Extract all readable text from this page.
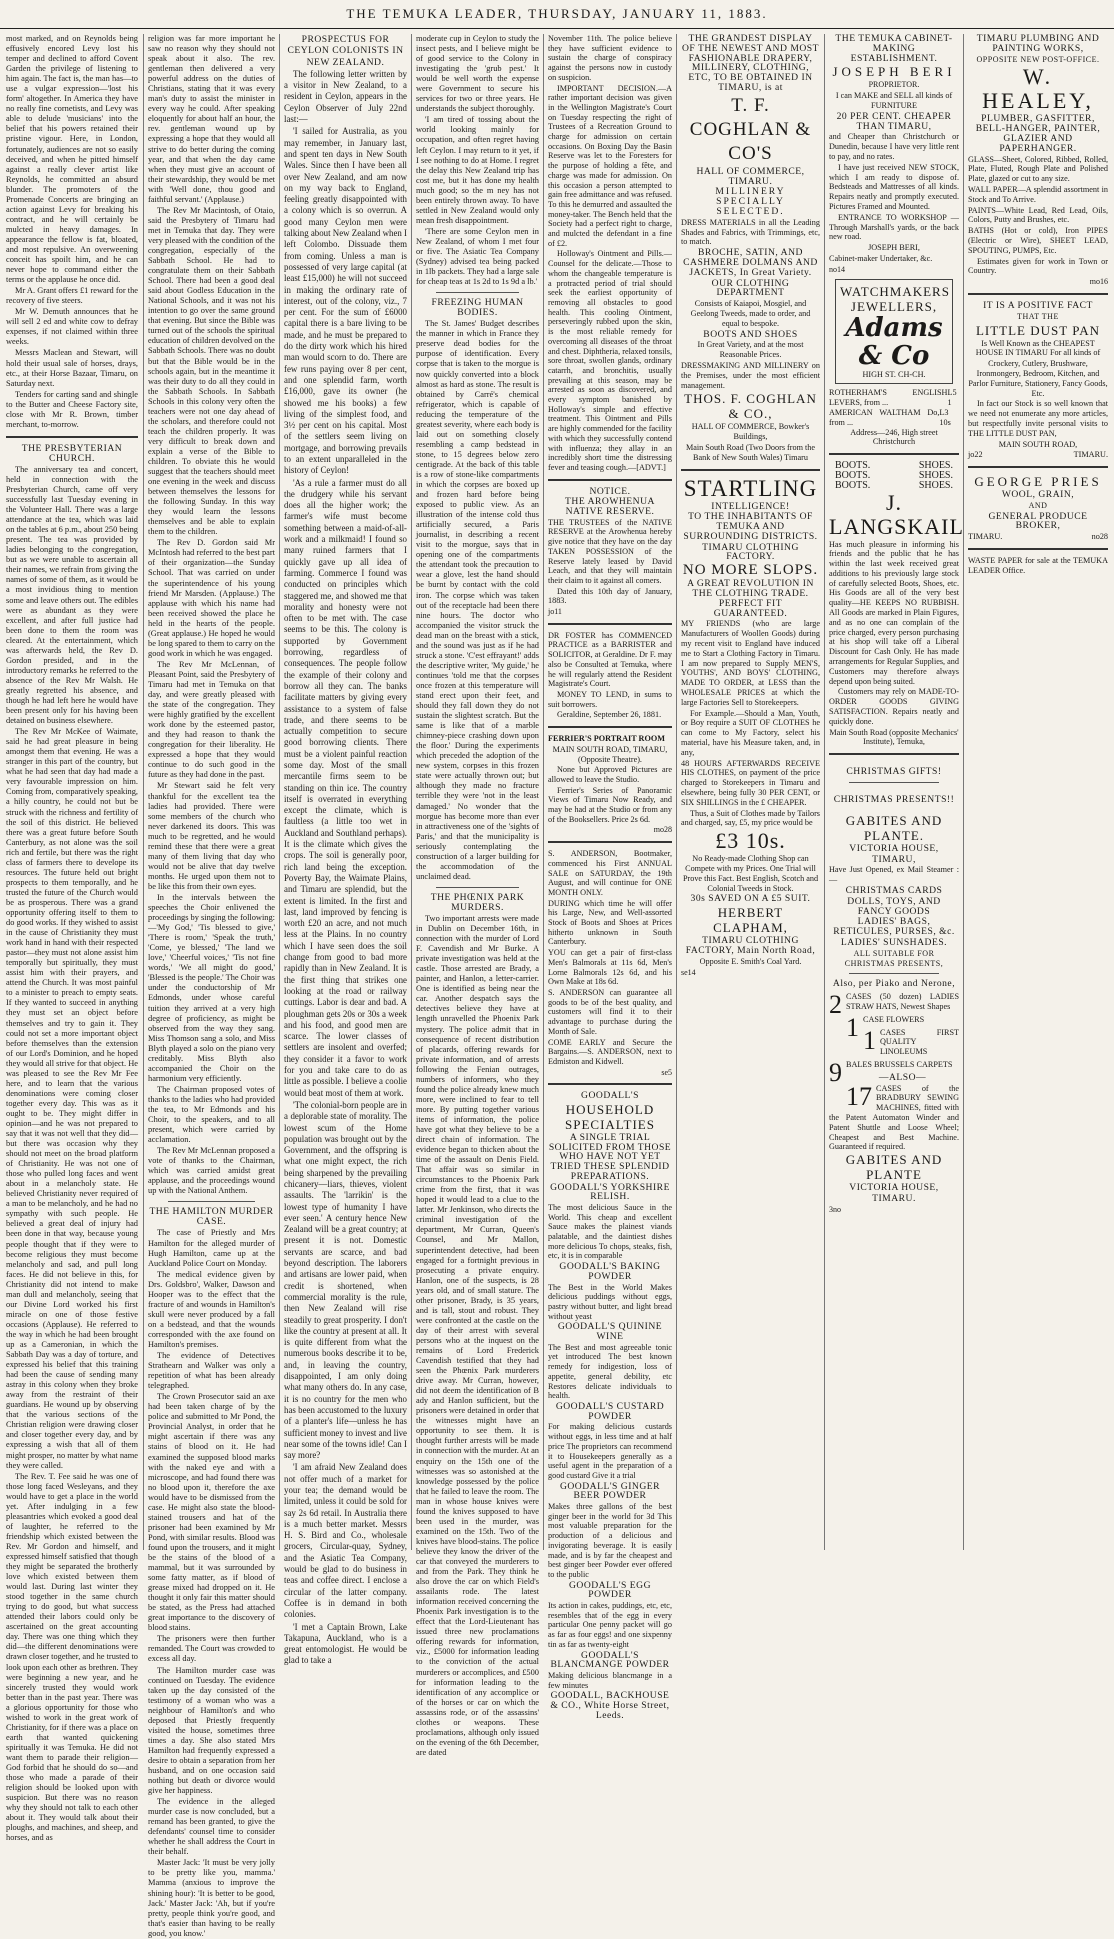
THE TEMUKA LEADER, THURSDAY, JANUARY 11, 1883.

most marked, and on Reynolds being effusively encored Levy lost his temper and declined to afford Covent Garden the privilege of listening to him again. The fact is, the man has—to use a vulgar expression—'lost his form' altogether. In America they have no really fine cornetists, and Levy was able to delude 'musicians' into the belief that his powers retained their pristine vigour. Here, in London, fortunately, audiences are not so easily deceived, and when he pitted himself against a really clever artist like Reynolds, he committed an absurd blunder. The promoters of the Promenade Concerts are bringing an action against Levy for breaking his contract, and he will certainly be mulcted in heavy damages. In appearance the fellow is fat, bloated, and most repulsive. An overweening conceit has spoilt him, and he can never hope to command either the terms or the applause he once did.

Mr A. Grant offers £1 reward for the recovery of five steers.

Mr W. Demuth announces that he will sell 2 ed and white cow to defray expenses, if not claimed within three weeks.

Messrs Maclean and Stewart, will hold their usual sale of horses, drays, etc., at their Horse Bazaar, Timaru, on Saturday next.

Tenders for carting sand and shingle to the Butter and Cheese Factory site, close with Mr R. Brown, timber merchant, to-morrow.

THE PRESBYTERIAN CHURCH.

The anniversary tea and concert, held in connection with the Presbyterian Church, came off very successfully last Tuesday evening in the Volunteer Hall. There was a large attendance at the tea, which was laid on the tables at 6 p.m., about 250 being present. The tea was provided by ladies belonging to the congregation, but as we were unable to ascertain all their names, we refrain from giving the names of some of them, as it would be a most invidious thing to mention some and leave others out. The edibles were as abundant as they were excellent, and after full justice had been done to them the room was cleared. At the entertainment, which was afterwards held, the Rev D. Gordon presided, and in the introductory remarks he referred to the absence of the Rev Mr Walsh. He greatly regretted his absence, and though he had left here he would have been present only for his having been detained on business elsewhere.

The Rev Mr McKee of Waimate, said he had great pleasure in being amongst them that evening. He was a stranger in this part of the country, but what he had seen that day had made a very favourable impression on him. Coming from, comparatively speaking, a hilly country, he could not but be struck with the richness and fertility of the soil of this district. He believed there was a great future before South Canterbury, as not alone was the soil rich and fertile, but there was the right class of farmers there to develope its resources. The future held out bright prospects to them temporally, and he trusted the future of the Church would be as prosperous. There was a grand opportunity offering itself to them to do good works. If they wished to assist in the cause of Christianity they must work hand in hand with their respected pastor—they must not alone assist him temporally but spiritually, they must assist him with their prayers, and attend the Church. It was most painful to a minister to preach to empty seats. If they wanted to succeed in anything they must set an object before themselves and try to gain it. They could not set a more important object before themselves than the extension of our Lord's Dominion, and he hoped they would all strive for that object. He was pleased to see the Rev Mr Fee here, and to learn that the various denominations were coming closer together every day. This was as it ought to be. They might differ in opinion—and he was not prepared to say that it was not well that they did—but there was occasion why they should not meet on the broad platform of Christianity. He was not one of those who pulled long faces and went about in a melancholy state. He believed Christianity never required of a man to be melancholy, and he had no sympathy with such people. He believed a great deal of injury had been done in that way, because young people thought that if they were to become religious they must become melancholy and sad, and pull long faces. He did not believe in this, for Christianity did not intend to make man dull and melancholy, seeing that our Divine Lord worked his first miracle on one of those festive occasions (Applause). He referred to the way in which he had been brought up as a Cameronian, in which the Sabbath Day was a day of torture, and expressed his belief that this training had been the cause of sending many astray in this colony when they broke away from the restraint of their guardians. He wound up by observing that the various sections of the Christian religion were drawing closer and closer together every day, and by expressing a wish that all of them might prosper, no matter by what name they were called.

The Rev. T. Fee said he was one of those long faced Wesleyans, and they would have to get a place in the world yet. After indulging in a few pleasantries which evoked a good deal of laughter, he referred to the friendship which existed between the Rev. Mr Gordon and himself, and expressed himself satisfied that though they might be separated the brotherly love which existed between them would last. During last winter they stood together in the same church trying to do good, but what success attended their labors could only be ascertained on the great accounting day. There was one thing which they did—the different denominations were drawn closer together, and he trusted to look upon each other as brethren. They were beginning a new year, and he sincerely trusted they would work better than in the past year. There was a glorious opportunity for those who wished to work in the great work of Christianity, for if there was a place on earth that wanted quickening spiritually it was Temuka. He did not want them to parade their religion—God forbid that he should do so—and those who made a parade of their religion should be looked upon with suspicion. But there was no reason why they should not talk to each other about it. They would talk about their ploughs, and machines, and sheep, and horses, and as

religion was far more important he saw no reason why they should not speak about it also. The rev. gentleman then delivered a very powerful address on the duties of Christians, stating that it was every man's duty to assist the minister in every way he could. After speaking eloquently for about half an hour, the rev. gentleman wound up by expressing a hope that they would all strive to do better during the coming year, and that when the day came when they must give an account of their stewardship, they would be met with 'Well done, thou good and faithful servant.' (Applause.)

The Rev Mr Macintosh, of Otaio, said the Presbytery of Timaru had met in Temuka that day. They were very pleased with the condition of the congregation, especially of the Sabbath School. He had to congratulate them on their Sabbath School. There had been a good deal said about Godless Education in the National Schools, and it was not his intention to go over the same ground that evening. But since the Bible was turned out of the schools the spiritual education of children devolved on the Sabbath Schools. There was no doubt but that the Bible would be in the schools again, but in the meantime it was their duty to do all they could in the Sabbath Schools. In Sabbath Schools in this colony very often the teachers were not one day ahead of the scholars, and therefore could not teach the children properly. It was very difficult to break down and explain a verse of the Bible to children. To obviate this he would suggest that the teachers should meet one evening in the week and discuss between themselves the lessons for the following Sunday. In this way they would learn the lessons themselves and be able to explain them to the children.

The Rev D. Gordon said Mr McIntosh had referred to the best part of their organization—the Sunday School. That was carried on under the superintendence of his young friend Mr Marsden. (Applause.) The applause with which his name had been received showed the place he held in the hearts of the people. (Great applause.) He hoped he would be long spared to them to carry on the good work in which he was engaged.

The Rev Mr McLennan, of Pleasant Point, said the Presbytery of Timaru had met in Temuka on that day, and were greatly pleased with the state of the congregation. They were highly gratified by the excellent work done by the esteemed pastor, and they had reason to thank the congregation for their liberality. He expressed a hope that they would continue to do such good in the future as they had done in the past.

Mr Stewart said he felt very thankful for the excellent tea the ladies had provided. There were some members of the church who never darkened its doors. This was much to be regretted, and he would remind these that there were a great many of them living that day who would not be alive that day twelve months. He urged upon them not to be like this from their own eyes.

In the intervals between the speeches the Choir enlivened the proceedings by singing the following:—'My God,' 'Tis blessed to give,' 'There is room,' 'Speak the truth,' 'Come, ye blessed,' 'The land we love,' 'Cheerful voices,' 'Tis not fine words,' 'We all might do good,' 'Blessed is the people.' The Choir was under the conductorship of Mr Edmonds, under whose careful tuition they arrived at a very high degree of proficiency, as might be observed from the way they sang. Miss Thomson sang a solo, and Miss Blyth played a solo on the piano very creditably. Miss Blyth also accompanied the Choir on the harmonium very efficiently.

The Chairman proposed votes of thanks to the ladies who had provided the tea, to Mr Edmonds and his Choir, to the speakers, and to all present, which were carried by acclamation.

The Rev Mr McLennan proposed a vote of thanks to the Chairman, which was carried amidst great applause, and the proceedings wound up with the National Anthem.

THE HAMILTON MURDER CASE.

The case of Priestly and Mrs Hamilton for the alleged murder of Hugh Hamilton, came up at the Auckland Police Court on Monday.

The medical evidence given by Drs. Goldsbro', Walker, Dawson and Hooper was to the effect that the fracture of and wounds in Hamilton's skull were never produced by a fall on a bedstead, and that the wounds corresponded with the axe found on Hamilton's premises.

The evidence of Detectives Strathearn and Walker was only a repetition of what has been already telegraphed.

The Crown Prosecutor said an axe had been taken charge of by the police and submitted to Mr Pond, the Provincial Analyst, in order that he might ascertain if there was any stains of blood on it. He had examined the supposed blood marks with the naked eye and with a microscope, and had found there was no blood upon it, therefore the axe would have to be dismissed from the case. He might also state the blood-stained trousers and hat of the prisoner had been examined by Mr Pond, with similar results. Blood was found upon the trousers, and it might be the stains of the blood of a mammal, but it was surrounded by some fatty matter, as if blood of grease mixed had dropped on it. He thought it only fair this matter should be stated, as the Press had attached great importance to the discovery of blood stains.

The prisoners were then further remanded. The Court was crowded to excess all day.

The Hamilton murder case was continued on Tuesday. The evidence taken up the day consisted of the testimony of a woman who was a neighbour of Hamilton's and who deposed that Priestly frequently visited the house, sometimes three times a day. She also stated Mrs Hamilton had frequently expressed a desire to obtain a separation from her husband, and on one occasion said nothing but death or divorce would give her happiness.

The evidence in the alleged murder case is now concluded, but a remand has been granted, to give the defendants' counsel time to consider whether he shall address the Court in their behalf.

Master Jack: 'It must be very jolly to be pretty like you, mamma.' Mamma (anxious to improve the shining hour): 'It is better to be good, Jack.' Master Jack: 'Ah, but if you're pretty, people think you're good, and that's easier than having to be really good, you know.'

PROSPECTUS FOR CEYLON COLONISTS IN NEW ZEALAND.

The following letter written by a visitor in New Zealand, to a resident in Ceylon, appears in the Ceylon Observer of July 22nd last:—

'I sailed for Australia, as you may remember, in January last, and spent ten days in New South Wales. Since then I have been all over New Zealand, and am now on my way back to England, feeling greatly disappointed with a colony which is so overrun. A good many Ceylon men were talking about New Zealand when I left Colombo. Dissuade them from coming. Unless a man is possessed of very large capital (at least £15,000) he will not succeed in making the ordinary rate of interest, out of the colony, viz., 7 per cent. For the sum of £6000 capital there is a bare living to be made, and he must be prepared to do the dirty work which his hired man would scorn to do. There are few runs paying over 8 per cent, and one splendid farm, worth £16,000, gave its owner (he showed me his books) a few living of the simplest food, and 3½ per cent on his capital. Most of the settlers seem living on mortgage, and borrowing prevails to an extent unparalleled in the history of Ceylon!

'As a rule a farmer must do all the drudgery while his servant does all the higher work; the farmer's wife must become something between a maid-of-all-work and a milkmaid! I found so many ruined farmers that I quickly gave up all idea of farming. Commerce I found was conducted on principles which staggered me, and showed me that morality and honesty were not often to be met with. The case seems to be this. The colony is supported by Government borrowing, regardless of consequences. The people follow the example of their colony and borrow all they can. The banks facilitate matters by giving every assistance to a system of false trade, and there seems to be actually competition to secure good borrowing clients. There must be a violent painful reaction some day. Most of the small mercantile firms seem to be standing on thin ice. The country itself is overrated in everything except the climate, which is faultless (a little too wet in Auckland and Southland perhaps). It is the climate which gives the crops. The soil is generally poor, rich land being the exception. Poverty Bay, the Waimate Plains, and Timaru are splendid, but the extent is limited. In the first and last, land improved by fencing is worth £20 an acre, and not much less at the Plains. In no country which I have seen does the soil change from good to bad more rapidly than in New Zealand. It is the first thing that strikes one looking at the road or railway cuttings. Labor is dear and bad. A ploughman gets 20s or 30s a week and his food, and good men are scarce. The lower classes of settlers are insolent and overfed; they consider it a favor to work for you and take care to do as little as possible. I believe a coolie would beat most of them at work.

'The colonial-born people are in a deplorable state of morality. The lowest scum of the Home population was brought out by the Government, and the offspring is what one might expect, the rich being sharpened by the prevailing chicanery—liars, thieves, violent assaults. The 'larrikin' is the lowest type of humanity I have ever seen.' A century hence New Zealand will be a great country; at present it is not. Domestic servants are scarce, and bad beyond description. The laborers and artisans are lower paid, when credit is shortened, when commercial morality is the rule, then New Zealand will rise steadily to great prosperity. I don't like the country at present at all. It is quite different from what the numerous books describe it to be, and, in leaving the country, disappointed, I am only doing what many others do. In any case, it is no country for the men who has been accustomed to the luxury of a planter's life—unless he has sufficient money to invest and live near some of the towns idle! Can I say more?

'I am afraid New Zealand does not offer much of a market for your tea; the demand would be limited, unless it could be sold for say 2s 6d retail. In Australia there is a much better market. Messrs H. S. Bird and Co., wholesale grocers, Circular-quay, Sydney, and the Asiatic Tea Company, would be glad to do business in teas and coffee direct. I enclose a circular of the latter company. Coffee is in demand in both colonies.

'I met a Captain Brown, Lake Takapuna, Auckland, who is a great entomologist. He would be glad to take a

moderate cup in Ceylon to study the insect pests, and I believe might be of good service to the Colony in investigating the 'grub pest.' It would be well worth the expense were Government to secure his services for two or three years. He understands the subject thoroughly.

'I am tired of tossing about the world looking mainly for occupation, and often regret having left Ceylon. I may return to it yet, if I see nothing to do at Home. I regret the delay this New Zealand trip has cost me, but it has done my health much good; so the m ney has not been entirely thrown away. To have settled in New Zealand would only mean fresh disappointment.

'There are some Ceylon men in New Zealand, of whom I met four or five. The Asiatic Tea Company (Sydney) advised tea being packed in 1lb packets. They had a large sale for cheap teas at 1s 2d to 1s 9d a lb.'

FREEZING HUMAN BODIES.

The St. James' Budget describes the manner in which in France they preserve dead bodies for the purpose of identification. Every corpse that is taken to the morgue is now quickly converted into a block almost as hard as stone. The result is obtained by Carré's chemical refrigerator, which is capable of reducing the temperature of the greatest severity, where each body is laid out on something closely resembling a camp bedstead in stone, to 15 degrees below zero centigrade. At the back of this table is a row of stone-like compartments in which the corpses are boxed up and frozen hard before being exposed to public view. As an illustration of the intense cold thus artificially secured, a Paris journalist, in describing a recent visit to the morgue, says that in opening one of the compartments the attendant took the precaution to wear a glove, lest the hand should be burnt by contact with the cold iron. The corpse which was taken out of the receptacle had been there nine hours. The doctor who accompanied the visitor struck the dead man on the breast with a stick, and the sound was just as if he had struck a stone. 'C'est effrayant!' adds the descriptive writer, 'My guide,' he continues 'told me that the corpses once frozen at this temperature will stand erect upon their feet, and should they fall down they do not sustain the slightest scratch. But the same is like that of a marble chimney-piece crashing down upon the floor.' During the experiments which preceded the adoption of the new system, corpses in this frozen state were actually thrown out; but although they made no fracture terrible they were 'not in the least damaged.' No wonder that the morgue has become more than ever in attractiveness one of the 'sights of Paris,' and that the municipality is seriously contemplating the construction of a larger building for the accommodation of the unclaimed dead.

THE PHŒNIX PARK MURDERS.

Two important arrests were made in Dublin on December 16th, in connection with the murder of Lord F. Cavendish and Mr Burke. A private investigation was held at the castle. Those arrested are Brady, a painter, and Hanlon, a letter-carrier. One is identified as being near the car. Another despatch says the detectives believe they have at length unravelled the Phoenix Park mystery. The police admit that in consequence of recent distribution of placards, offering rewards for private information, and of arrests following the Fenian outrages, numbers of informers, who they found the police already knew much more, were inclined to fear to tell more. By putting together various items of information, the police have got what they believe to be a direct chain of information. The evidence began to thicken about the time of the assault on Denis Field. That affair was so similar in circumstances to the Phoenix Park crime from the first, that it was hoped it would lead to a clue to the latter. Mr Jenkinson, who directs the criminal investigation of the department, Mr Curran, Queen's Counsel, and Mr Mallon, superintendent detective, had been engaged for a fortnight previous in prosecuting a private enquiry. Hanlon, one of the suspects, is 28 years old, and of small stature. The other prisoner, Brady, is 35 years, and is tall, stout and robust. They were confronted at the castle on the day of their arrest with several persons who at the inquest on the remains of Lord Frederick Cavendish testified that they had seen the Phœnix Park murderers drive away. Mr Curran, however, did not deem the identification of B ady and Hanlon sufficient, but the prisoners were detained in order that the witnesses might have an opportunity to see them. It is thought further arrests will be made in connection with the murder. At an enquiry on the 15th one of the witnesses was so astonished at the knowledge possessed by the police that he failed to leave the room. The man in whose house knives were found the knives supposed to have been used in the murder, was examined on the 15th. Two of the knives have blood-stains. The police believe they know the driver of the car that conveyed the murderers to and from the Park. They think he also drove the car on which Field's assailants rode. The latest information received concerning the Phoenix Park investigation is to the effect that the Lord-Lieutenant has issued three new proclamations offering rewards for information, viz., £5000 for information leading to the conviction of the actual murderers or accomplices, and £500 for information leading to the identification of any accomplice or of the horses or car on which the assassins rode, or of the assassins' clothes or weapons. These proclamations, although only issued on the evening of the 6th December, are dated

November 11th. The police believe they have sufficient evidence to sustain the charge of conspiracy against the persons now in custody on suspicion.

IMPORTANT DECISION.—A rather important decision was given in the Wellington Magistrate's Court on Tuesday respecting the right of Trustees of a Recreation Ground to charge for admission on certain occasions. On Boxing Day the Basin Reserve was let to the Foresters for the purpose of holding a fête, and charge was made for admission. On this occasion a person attempted to gain free admittance and was refused. To this he demurred and assaulted the money-taker. The Bench held that the Society had a perfect right to charge, and mulcted the defendant in a fine of £2.

Holloway's Ointment and Pills.—Counsel for the delicate.—Those to whom the changeable temperature is a protracted period of trial should seek the earliest opportunity of removing all obstacles to good health. This cooling Ointment, perseveringly rubbed upon the skin, is the most reliable remedy for overcoming all diseases of the throat and chest. Diphtheria, relaxed tonsils, sore throat, swollen glands, ordinary catarrh, and bronchitis, usually prevailing at this season, may be arrested as soon as discovered, and every symptom banished by Holloway's simple and effective treatment. This Ointment and Pills are highly commended for the facility with which they successfully contend with influenza; they allay in an incredibly short time the distressing fever and teasing cough.—[ADVT.]

NOTICE.

THE AROWHENUA NATIVE RESERVE.

THE TRUSTEES of the NATIVE RESERVE at the Arowhenua hereby give notice that they have on the day TAKEN POSSESSION of the Reserve lately leased by David Leach, and that they will maintain their claim to it against all comers.

Dated this 10th day of January, 1883.

jo11

DR FOSTER has COMMENCED PRACTICE as a BARRISTER and SOLICITOR, at Geraldine. Dr F. may also be Consulted at Temuka, where he will regularly attend the Resident Magistrate's Court.

MONEY TO LEND, in sums to suit borrowers.

Geraldine, September 26, 1881.

FERRIER'S PORTRAIT ROOM

MAIN SOUTH ROAD, TIMARU, (Opposite Theatre).

None but Approved Pictures are allowed to leave the Studio.

Ferrier's Series of Panoramic Views of Timaru Now Ready, and may be had at the Studio or from any of the Booksellers. Price 2s 6d.

mo28

S. ANDERSON, Bootmaker, commenced his First ANNUAL SALE on SATURDAY, the 19th August, and will continue for ONE MONTH ONLY.

DURING which time he will offer his Large, New, and Well-assorted Stock of Boots and Shoes at Prices hitherto unknown in South Canterbury.

YOU can get a pair of first-class Men's Balmorals at 11s 6d, Men's Lorne Balmorals 12s 6d, and his Own Make at 18s 6d.

S. ANDERSON can guarantee all goods to be of the best quality, and customers will find it to their advantage to purchase during the Month of Sale.

COME EARLY and Secure the Bargains.—S. ANDERSON, next to Edmiston and Kidwell.

se5

GOODALL'S

HOUSEHOLD SPECIALTIES

A SINGLE TRIAL SOLICITED FROM THOSE WHO HAVE NOT YET TRIED THESE SPLENDID PREPARATIONS.

GOODALL'S YORKSHIRE RELISH.

The most delicious Sauce in the World. This cheap and excellent Sauce makes the plainest viands palatable, and the daintiest dishes more delicious To chops, steaks, fish, etc, it is in comparable

GOODALL'S BAKING POWDER

The Best in the World Makes delicious puddings without eggs, pastry without butter, and light bread without yeast

GOODALL'S QUININE WINE

The Best and most agreeable tonic yet introduced The best known remedy for indigestion, loss of appetite, general debility, etc Restores delicate individuals to health.

GOODALL'S CUSTARD POWDER

For making delicious custards without eggs, in less time and at half price The proprietors can recommend it to Housekeepers generally as a useful agent in the preparation of a good custard Give it a trial

GOODALL'S GINGER BEER POWDER

Makes three gallons of the best ginger beer in the world for 3d This most valuable preparation for the production of a delicious and invigorating beverage. It is easily made, and is by far the cheapest and best ginger beer Powder ever offered to the public

GOODALL'S EGG POWDER

Its action in cakes, puddings, etc, etc, resembles that of the egg in every particular One penny packet will go as far as four eggs! and one sixpenny tin as far as twenty-eight

GOODALL'S BLANCMANGE POWDER

Making delicious blancmange in a few minutes

GOODALL, BACKHOUSE & CO., White Horse Street, Leeds.

THE GRANDEST DISPLAY OF THE NEWEST AND MOST FASHIONABLE DRAPERY, MILLINERY, CLOTHING, ETC, TO BE OBTAINED IN TIMARU, is at

T. F. COGHLAN & CO'S

HALL OF COMMERCE, TIMARU.

MILLINERY SPECIALLY SELECTED.

DRESS MATERIALS in all the Leading Shades and Fabrics, with Trimmings, etc, to match.

BROCHE, SATIN, AND CASHMERE DOLMANS AND JACKETS, In Great Variety.

OUR CLOTHING DEPARTMENT

Consists of Kaiapoi, Mosgiel, and Geelong Tweeds, made to order, and equal to bespoke.

BOOTS AND SHOES

In Great Variety, and at the most Reasonable Prices.

DRESSMAKING AND MILLINERY on the Premises, under the most efficient management.

THOS. F. COGHLAN & CO.,

HALL OF COMMERCE, Bowker's Buildings,

Main South Road (Two Doors from the Bank of New South Wales) Timaru

STARTLING

INTELLIGENCE!

TO THE INHABITANTS OF TEMUKA AND SURROUNDING DISTRICTS.

TIMARU CLOTHING FACTORY.

NO MORE SLOPS.

A GREAT REVOLUTION IN THE CLOTHING TRADE. PERFECT FIT GUARANTEED.

MY FRIENDS (who are large Manufacturers of Woollen Goods) during my recent visit to England have induced me to Start a Clothing Factory in Timaru. I am now prepared to Supply MEN'S, YOUTHS', AND BOYS' CLOTHING, MADE TO ORDER, at LESS than the WHOLESALE PRICES at which the large Factories Sell to Storekeepers.

For Example.—Should a Man, Youth, or Boy require a SUIT OF CLOTHES he can come to My Factory, select his material, have his Measure taken, and, in any,

48 HOURS AFTERWARDS RECEIVE HIS CLOTHES, on payment of the price charged to Storekeepers in Timaru and elsewhere, being fully 30 PER CENT, or SIX SHILLINGS in the £ CHEAPER.

Thus, a Suit of Clothes made by Tailors and charged, say, £5, my price would be

£3 10s.

No Ready-made Clothing Shop can Compete with my Prices. One Trial will Prove this Fact. Best English, Scotch and Colonial Tweeds in Stock.

30s SAVED ON A £5 SUIT.

HERBERT CLAPHAM,

TIMARU CLOTHING FACTORY, Main North Road,

Opposite E. Smith's Coal Yard.

se14

THE TEMUKA CABINET-MAKING ESTABLISHMENT.

JOSEPH BERI

PROPRIETOR.

I can MAKE and SELL all kinds of FURNITURE

20 PER CENT. CHEAPER THAN TIMARU,

and Cheaper than Christchurch or Dunedin, because I have very little rent to pay, and no rates.

I have just received NEW STOCK, which I am ready to dispose of. Bedsteads and Mattresses of all kinds. Repairs neatly and promptly executed. Pictures Framed and Mounted.

ENTRANCE TO WORKSHOP — Through Marshall's yards, or the back new road.

JOSEPH BERI,

Cabinet-maker Undertaker, &c.

no14

WATCHMAKERS
JEWELLERS,
Adams & Co
HIGH ST. CH-CH.
ROTHERHAM'S ENGLISH LEVERS, from ...
L5 1
AMERICAN WALTHAM Do, from ...
L3 10s

Address—246, High street Christchurch

BOOTS.	SHOES.
BOOTS.	SHOES.
BOOTS.	SHOES.

J. LANGSKAIL

Has much pleasure in informing his friends and the public that he has within the last week received great additions to his previously large stock of carefully selected Boots, Shoes, etc. His Goods are all of the very best quality—HE KEEPS NO RUBBISH. All Goods are marked in Plain Figures, and as no one can complain of the price charged, every person purchasing at his shop will take off a Liberal Discount for Cash Only. He has made arrangements for Regular Supplies, and Customers may therefore always depend upon being suited.

Customers may rely on MADE-TO-ORDER GOODS GIVING SATISFACTION. Repairs neatly and quickly done.

Main South Road (opposite Mechanics' Institute), Temuka,

CHRISTMAS GIFTS!

CHRISTMAS PRESENTS!!

GABITES AND PLANTE.

VICTORIA HOUSE,

TIMARU,

Have Just Opened, ex Mail Steamer :—

CHRISTMAS CARDS

DOLLS, TOYS, AND FANCY GOODS

LADIES' BAGS, RETICULES, PURSES, &c.

LADIES' SUNSHADES.

ALL SUITABLE FOR CHRISTMAS PRESENTS,

Also, per Piako and Nerone,

2 CASES (50 dozen) LADIES STRAW HATS, Newest Shapes
1 CASE FLOWERS
1 CASES FIRST QUALITY LINOLEUMS
9 BALES BRUSSELS CARPETS

—ALSO—

17 CASES of the BRADBURY SEWING MACHINES, fitted with the Patent Automaton Winder and Patent Shuttle and Loose Wheel; Cheapest and Best Machine. Guaranteed if required.

GABITES AND PLANTE

VICTORIA HOUSE,

TIMARU.

3no

TIMARU PLUMBING AND PAINTING WORKS,

OPPOSITE NEW POST-OFFICE.

W. HEALEY,

PLUMBER, GASFITTER, BELL-HANGER, PAINTER, GLAZIER AND PAPERHANGER.

GLASS—Sheet, Colored, Ribbed, Rolled, Plate, Fluted, Rough Plate and Polished Plate, glazed or cut to any size.

WALL PAPER—A splendid assortment in Stock and To Arrive.

PAINTS—White Lead, Red Lead, Oils, Colors, Putty and Brushes, etc.

BATHS (Hot or cold), Iron PIPES (Electric or Wire), SHEET LEAD, SPOUTING, PUMPS, Etc.

Estimates given for work in Town or Country.

mo16

IT IS A POSITIVE FACT

THAT THE

LITTLE DUST PAN

Is Well Known as the CHEAPEST HOUSE IN TIMARU For all kinds of

Crockery, Cutlery, Brushware, Ironmongery, Bedroom, Kitchen, and Parlor Furniture, Stationery, Fancy Goods, Etc.

In fact our Stock is so well known that we need not enumerate any more articles, but respectfully invite personal visits to THE LITTLE DUST PAN,

MAIN SOUTH ROAD,

jo22	TIMARU.

GEORGE PRIES

WOOL, GRAIN,

AND

GENERAL PRODUCE BROKER,

TIMARU.	no28

WASTE PAPER for sale at the TEMUKA LEADER Office.
